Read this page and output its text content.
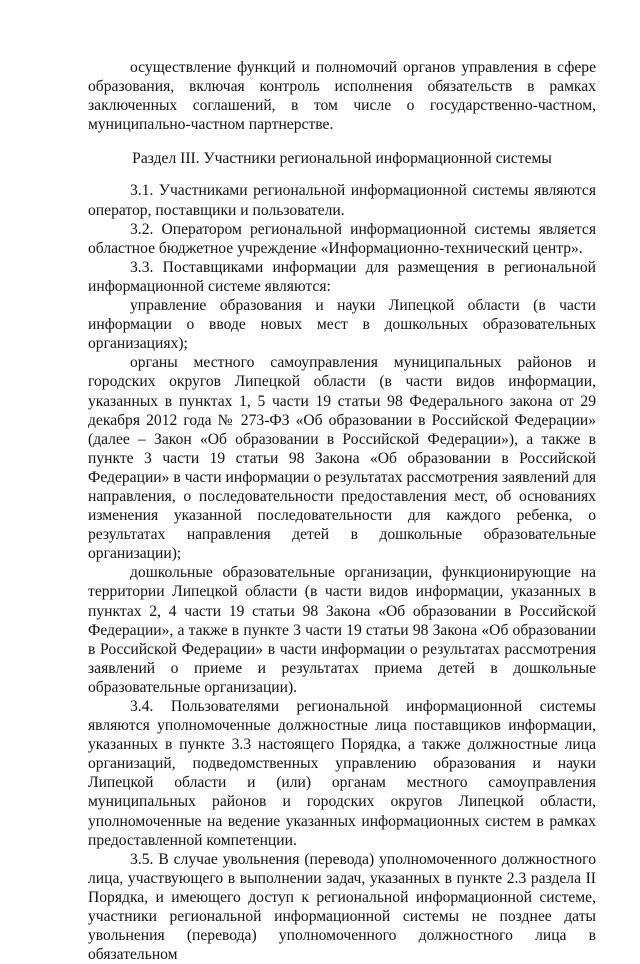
осуществление функций и полномочий органов управления в сфере образования, включая контроль исполнения обязательств в рамках заключенных соглашений, в том числе о государственно-частном, муниципально-частном партнерстве.

Раздел III. Участники региональной информационной системы

3.1. Участниками региональной информационной системы являются оператор, поставщики и пользователи.

3.2. Оператором региональной информационной системы является областное бюджетное учреждение «Информационно-технический центр».

3.3. Поставщиками информации для размещения в региональной информационной системе являются:

управление образования и науки Липецкой области (в части информации о вводе новых мест в дошкольных образовательных организациях);

органы местного самоуправления муниципальных районов и городских округов Липецкой области (в части видов информации, указанных в пунктах 1, 5 части 19 статьи 98 Федерального закона от 29 декабря 2012 года № 273-ФЗ «Об образовании в Российской Федерации» (далее – Закон «Об образовании в Российской Федерации»), а также в пункте 3 части 19 статьи 98 Закона «Об образовании в Российской Федерации» в части информации о результатах рассмотрения заявлений для направления, о последовательности предоставления мест, об основаниях изменения указанной последовательности для каждого ребенка, о результатах направления детей в дошкольные образовательные организации);

дошкольные образовательные организации, функционирующие на территории Липецкой области (в части видов информации, указанных в пунктах 2, 4 части 19 статьи 98 Закона «Об образовании в Российской Федерации», а также в пункте 3 части 19 статьи 98 Закона «Об образовании в Российской Федерации» в части информации о результатах рассмотрения заявлений о приеме и результатах приема детей в дошкольные образовательные организации).

3.4. Пользователями региональной информационной системы являются уполномоченные должностные лица поставщиков информации, указанных в пункте 3.3 настоящего Порядка, а также должностные лица организаций, подведомственных управлению образования и науки Липецкой области и (или) органам местного самоуправления муниципальных районов и городских округов Липецкой области, уполномоченные на ведение указанных информационных систем в рамках предоставленной компетенции.

3.5. В случае увольнения (перевода) уполномоченного должностного лица, участвующего в выполнении задач, указанных в пункте 2.3 раздела II Порядка, и имеющего доступ к региональной информационной системе, участники региональной информационной системы не позднее даты увольнения (перевода) уполномоченного должностного лица в обязательном
